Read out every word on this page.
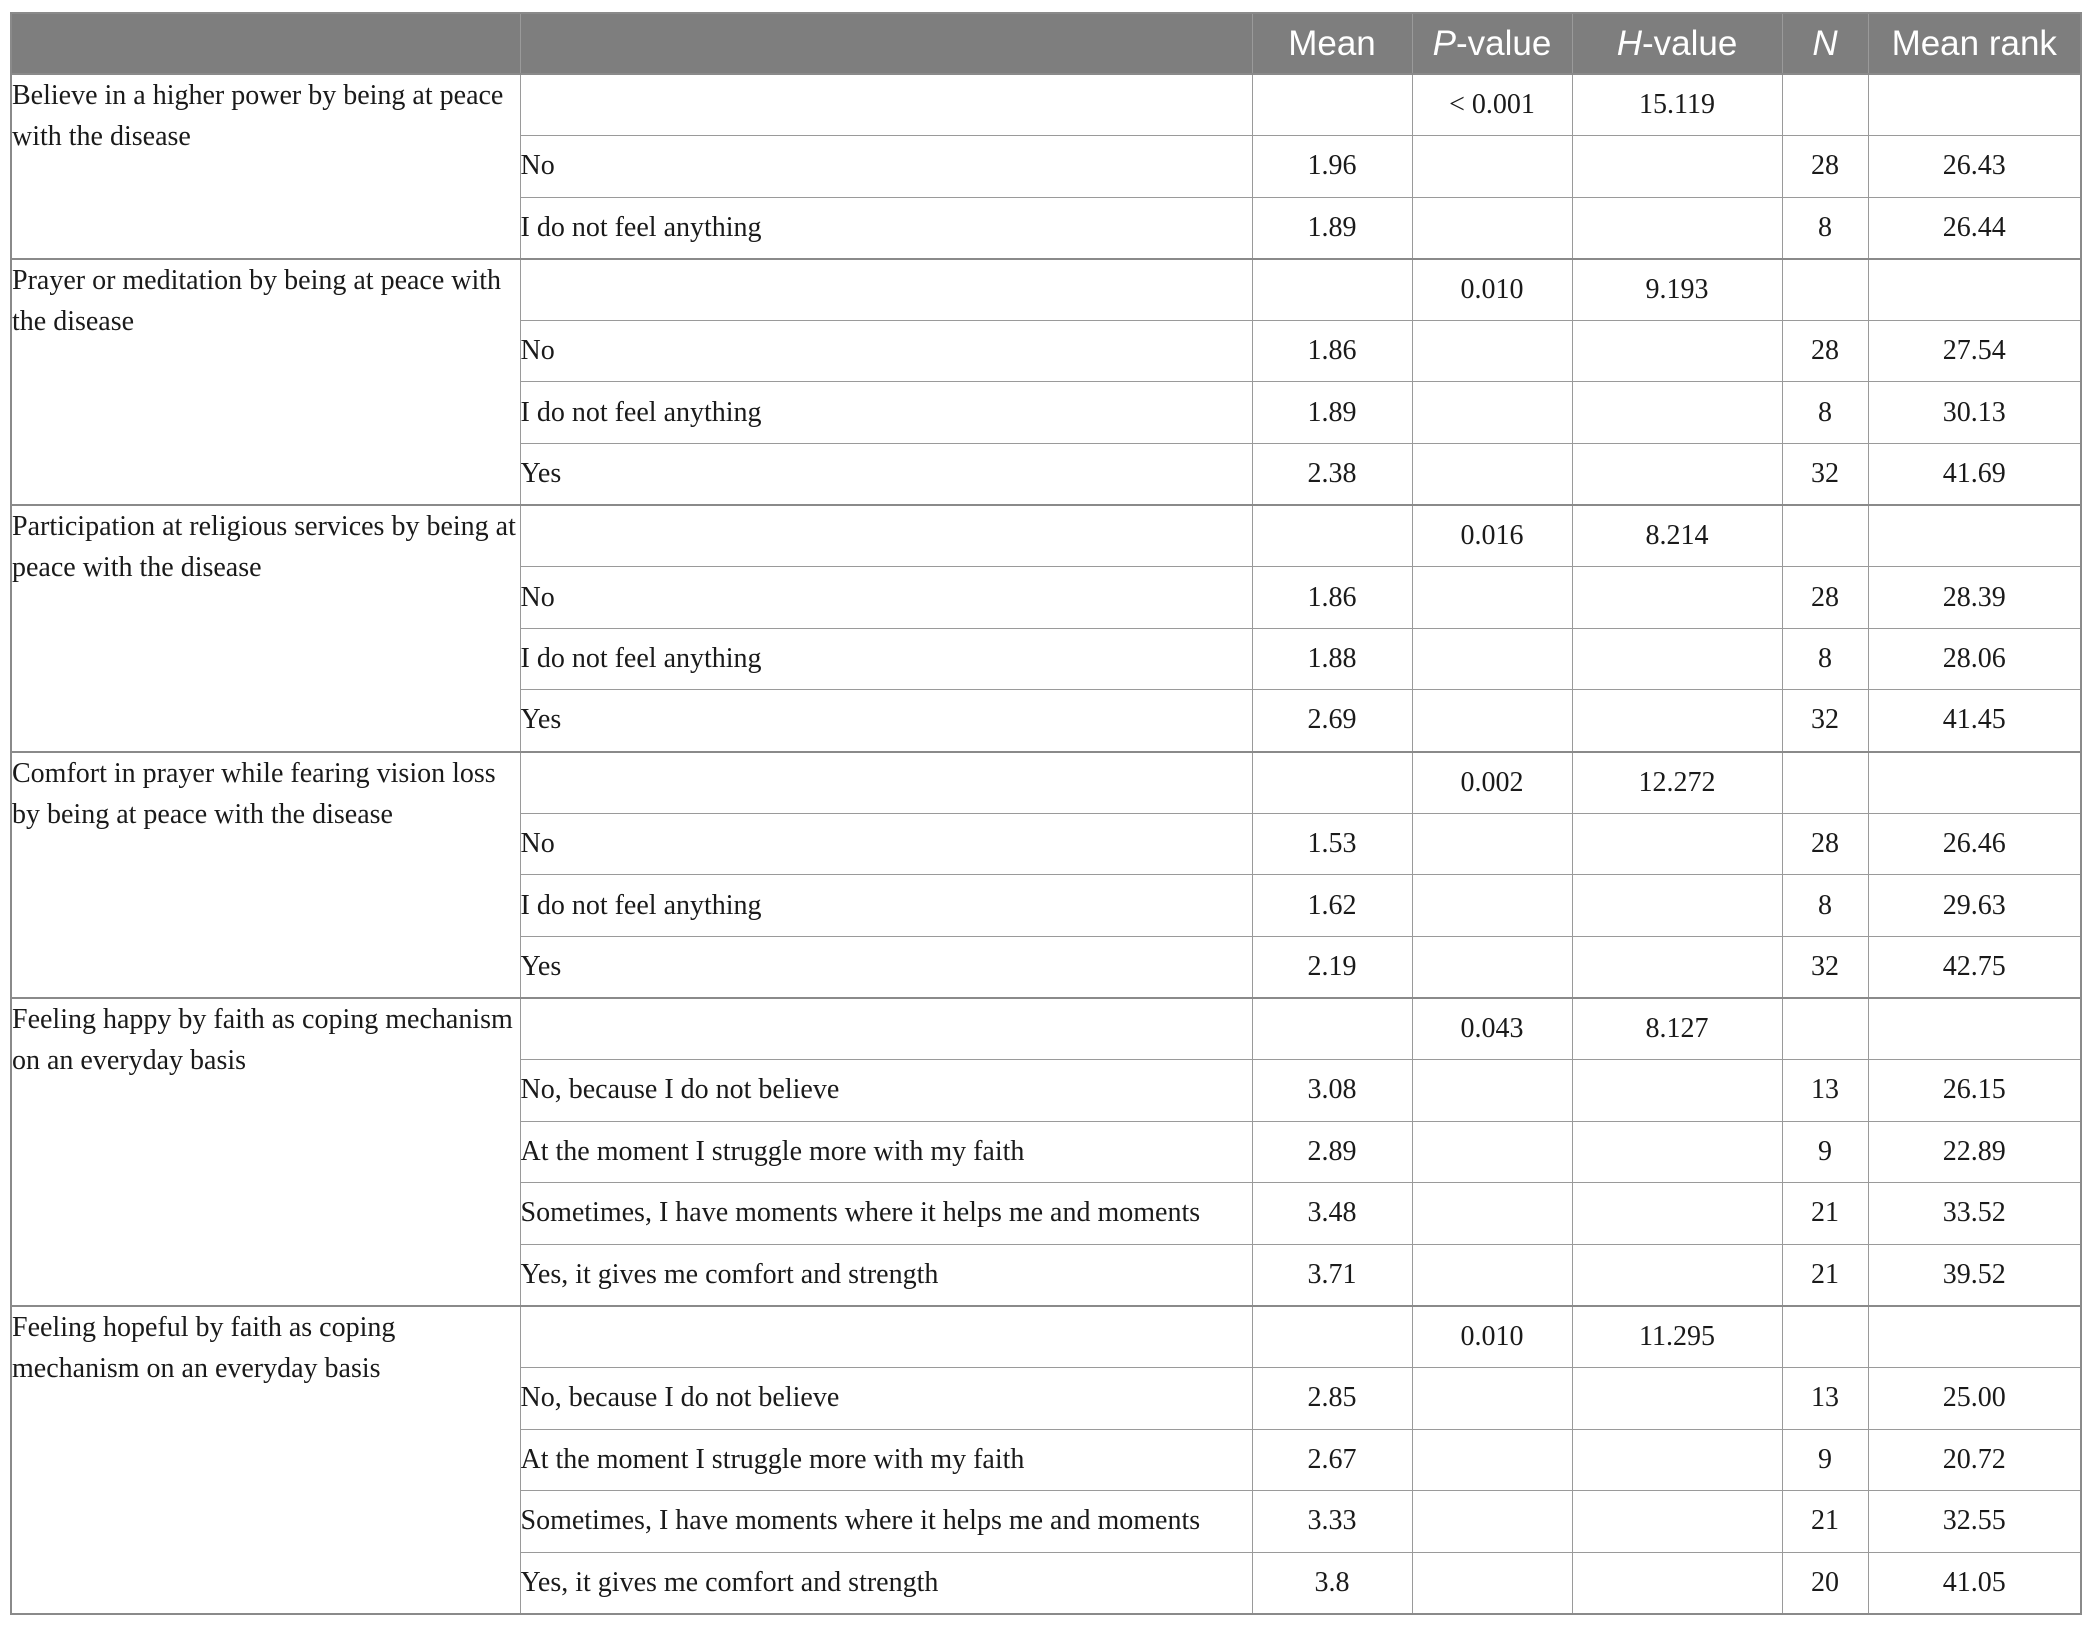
		Mean	P-value	H-value	N	Mean rank
Believe in a higher power by being at peace with the disease			< 0.001	15.119		
	No	1.96			28	26.43
	I do not feel anything	1.89			8	26.44
Prayer or meditation by being at peace with the disease			0.010	9.193		
	No	1.86			28	27.54
	I do not feel anything	1.89			8	30.13
	Yes	2.38			32	41.69
Participation at religious services by being at peace with the disease			0.016	8.214		
	No	1.86			28	28.39
	I do not feel anything	1.88			8	28.06
	Yes	2.69			32	41.45
Comfort in prayer while fearing vision loss by being at peace with the disease			0.002	12.272		
	No	1.53			28	26.46
	I do not feel anything	1.62			8	29.63
	Yes	2.19			32	42.75
Feeling happy by faith as coping mechanism on an everyday basis			0.043	8.127		
	No, because I do not believe	3.08			13	26.15
	At the moment I struggle more with my faith	2.89			9	22.89
	Sometimes, I have moments where it helps me and moments	3.48			21	33.52
	Yes, it gives me comfort and strength	3.71			21	39.52
Feeling hopeful by faith as coping mechanism on an everyday basis			0.010	11.295		
	No, because I do not believe	2.85			13	25.00
	At the moment I struggle more with my faith	2.67			9	20.72
	Sometimes, I have moments where it helps me and moments	3.33			21	32.55
	Yes, it gives me comfort and strength	3.8			20	41.05
